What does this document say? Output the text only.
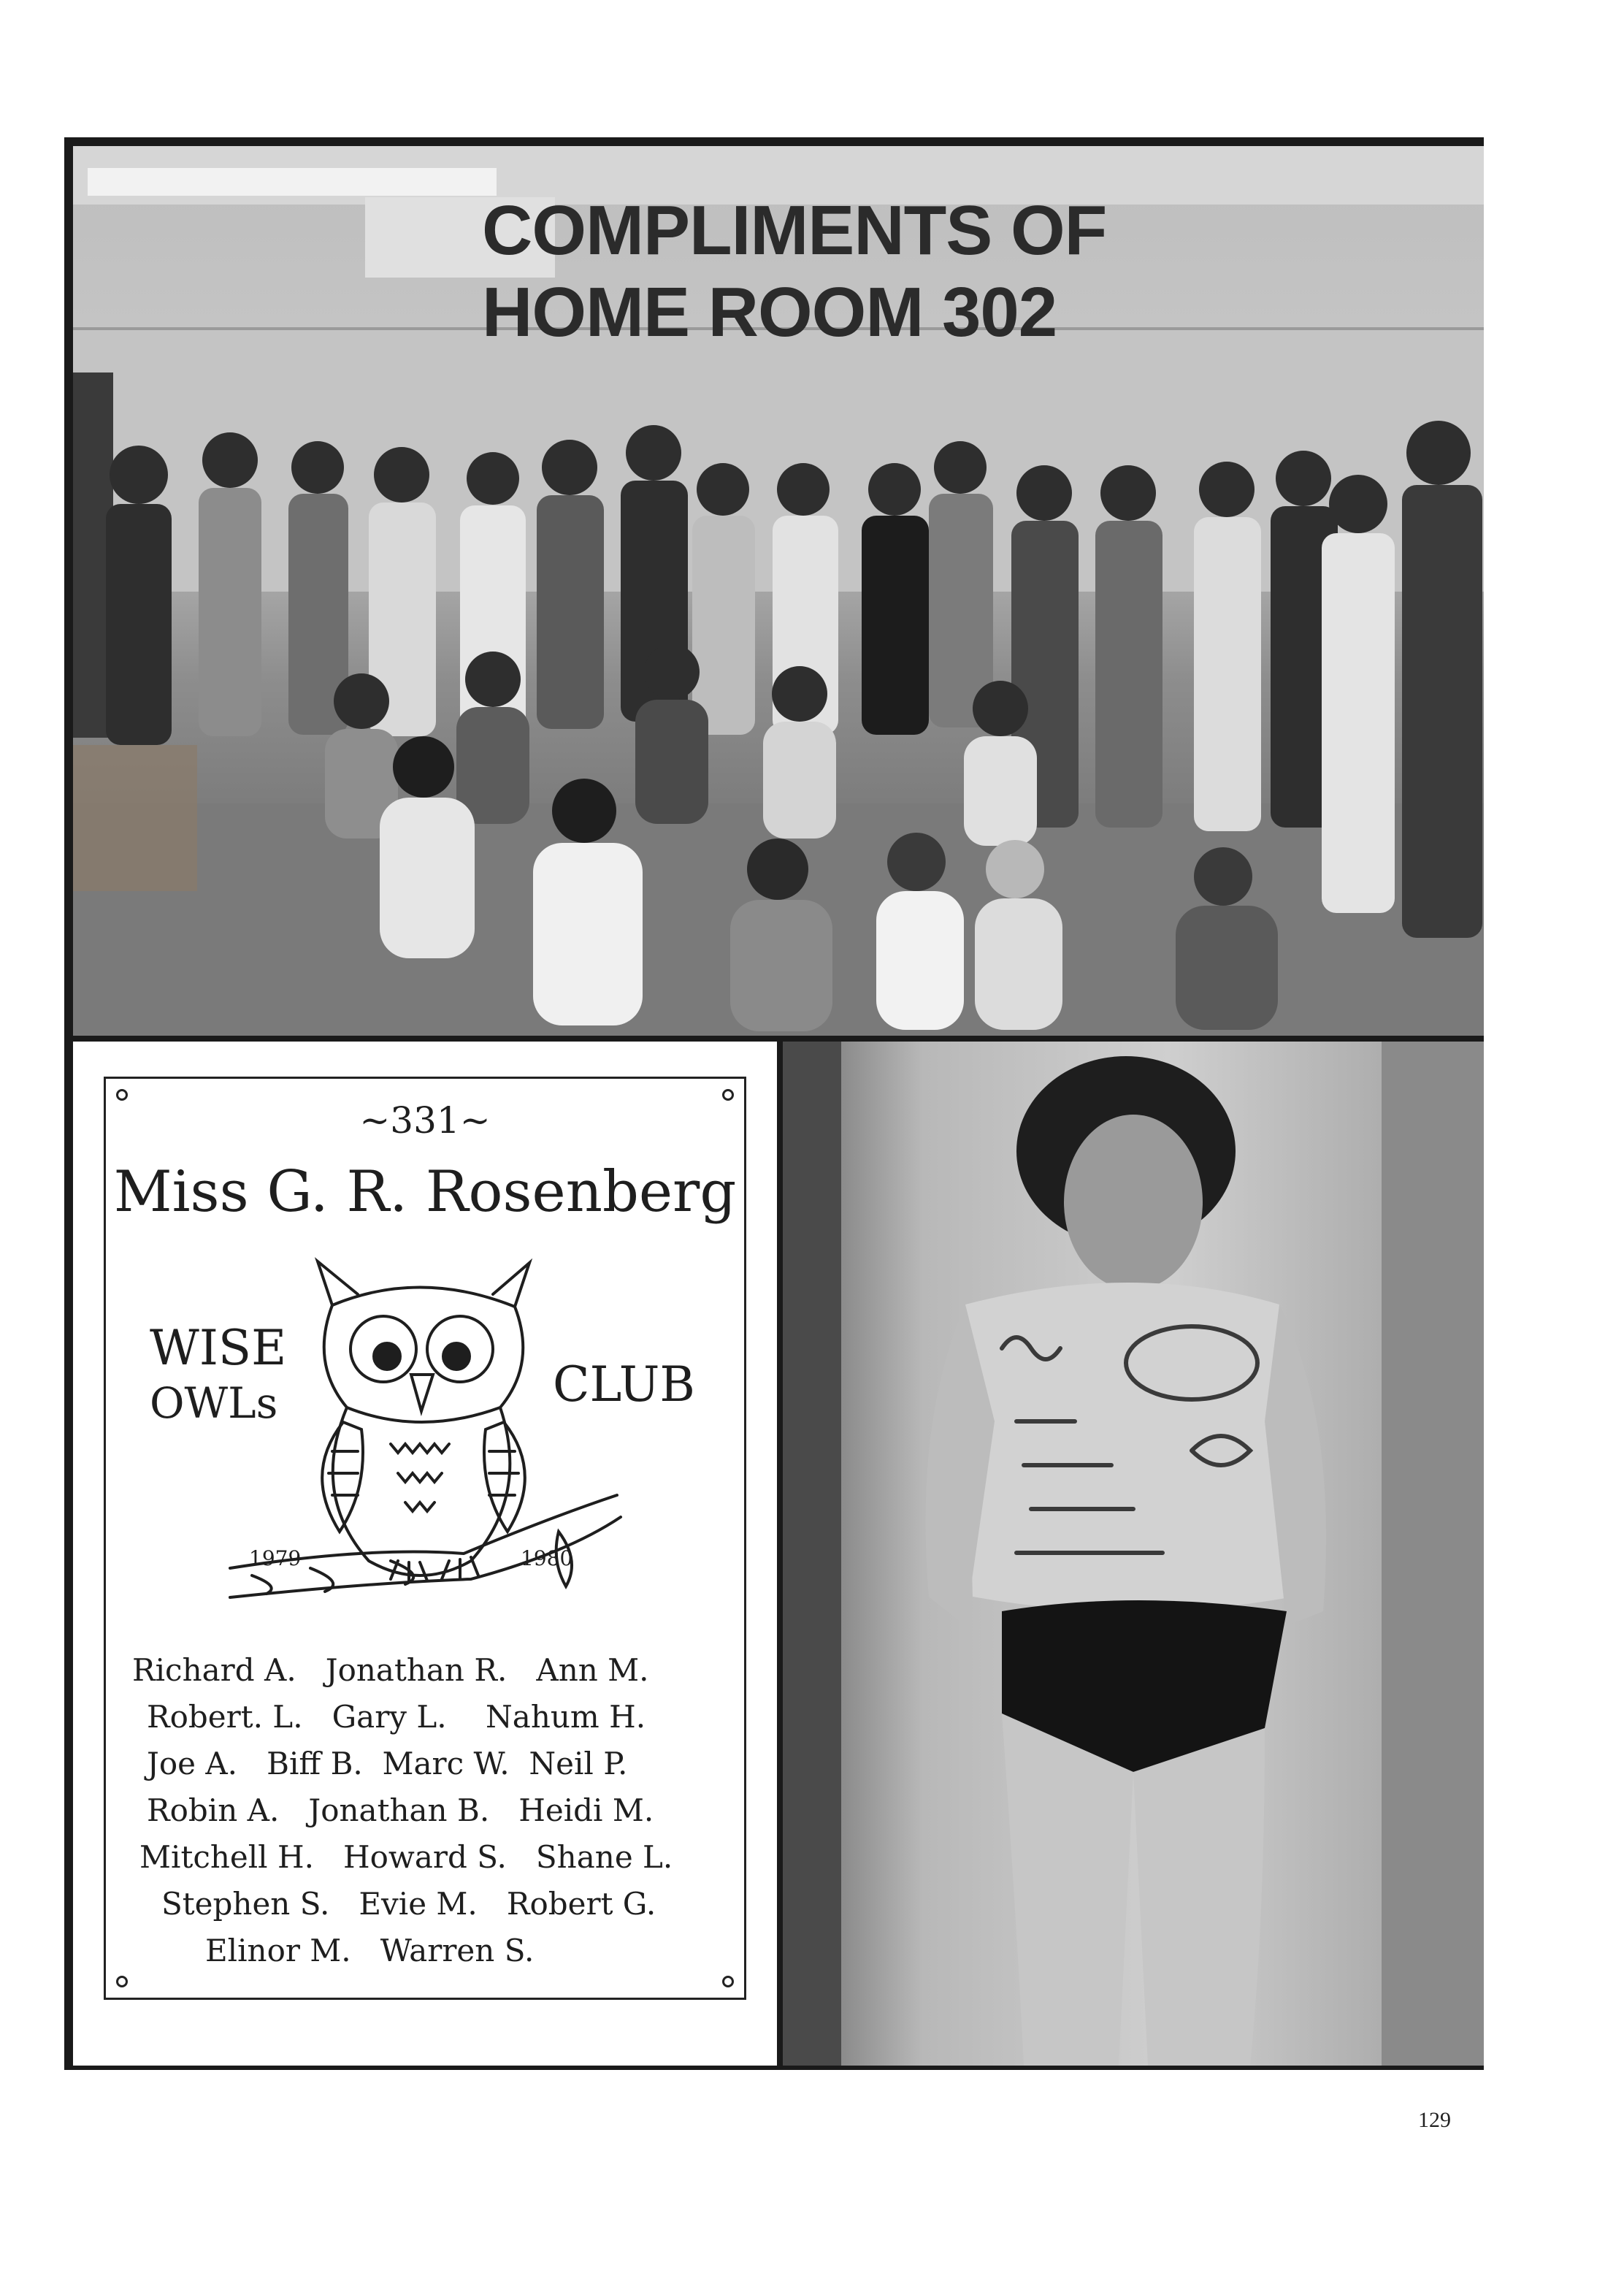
COMPLIMENTS OF
HOME ROOM 302

~331~

Miss G. R. Rosenberg

WISE

OWLs	CLUB

1979	1980

Richard A. Jonathan R. Ann M.
Robert. L. Gary L. Nahum H.
Joe A. Biff B. Marc W. Neil P.
Robin A. Jonathan B. Heidi M.
Mitchell H. Howard S. Shane L.
Stephen S. Evie M. Robert G.
Elinor M. Warren S.

129
